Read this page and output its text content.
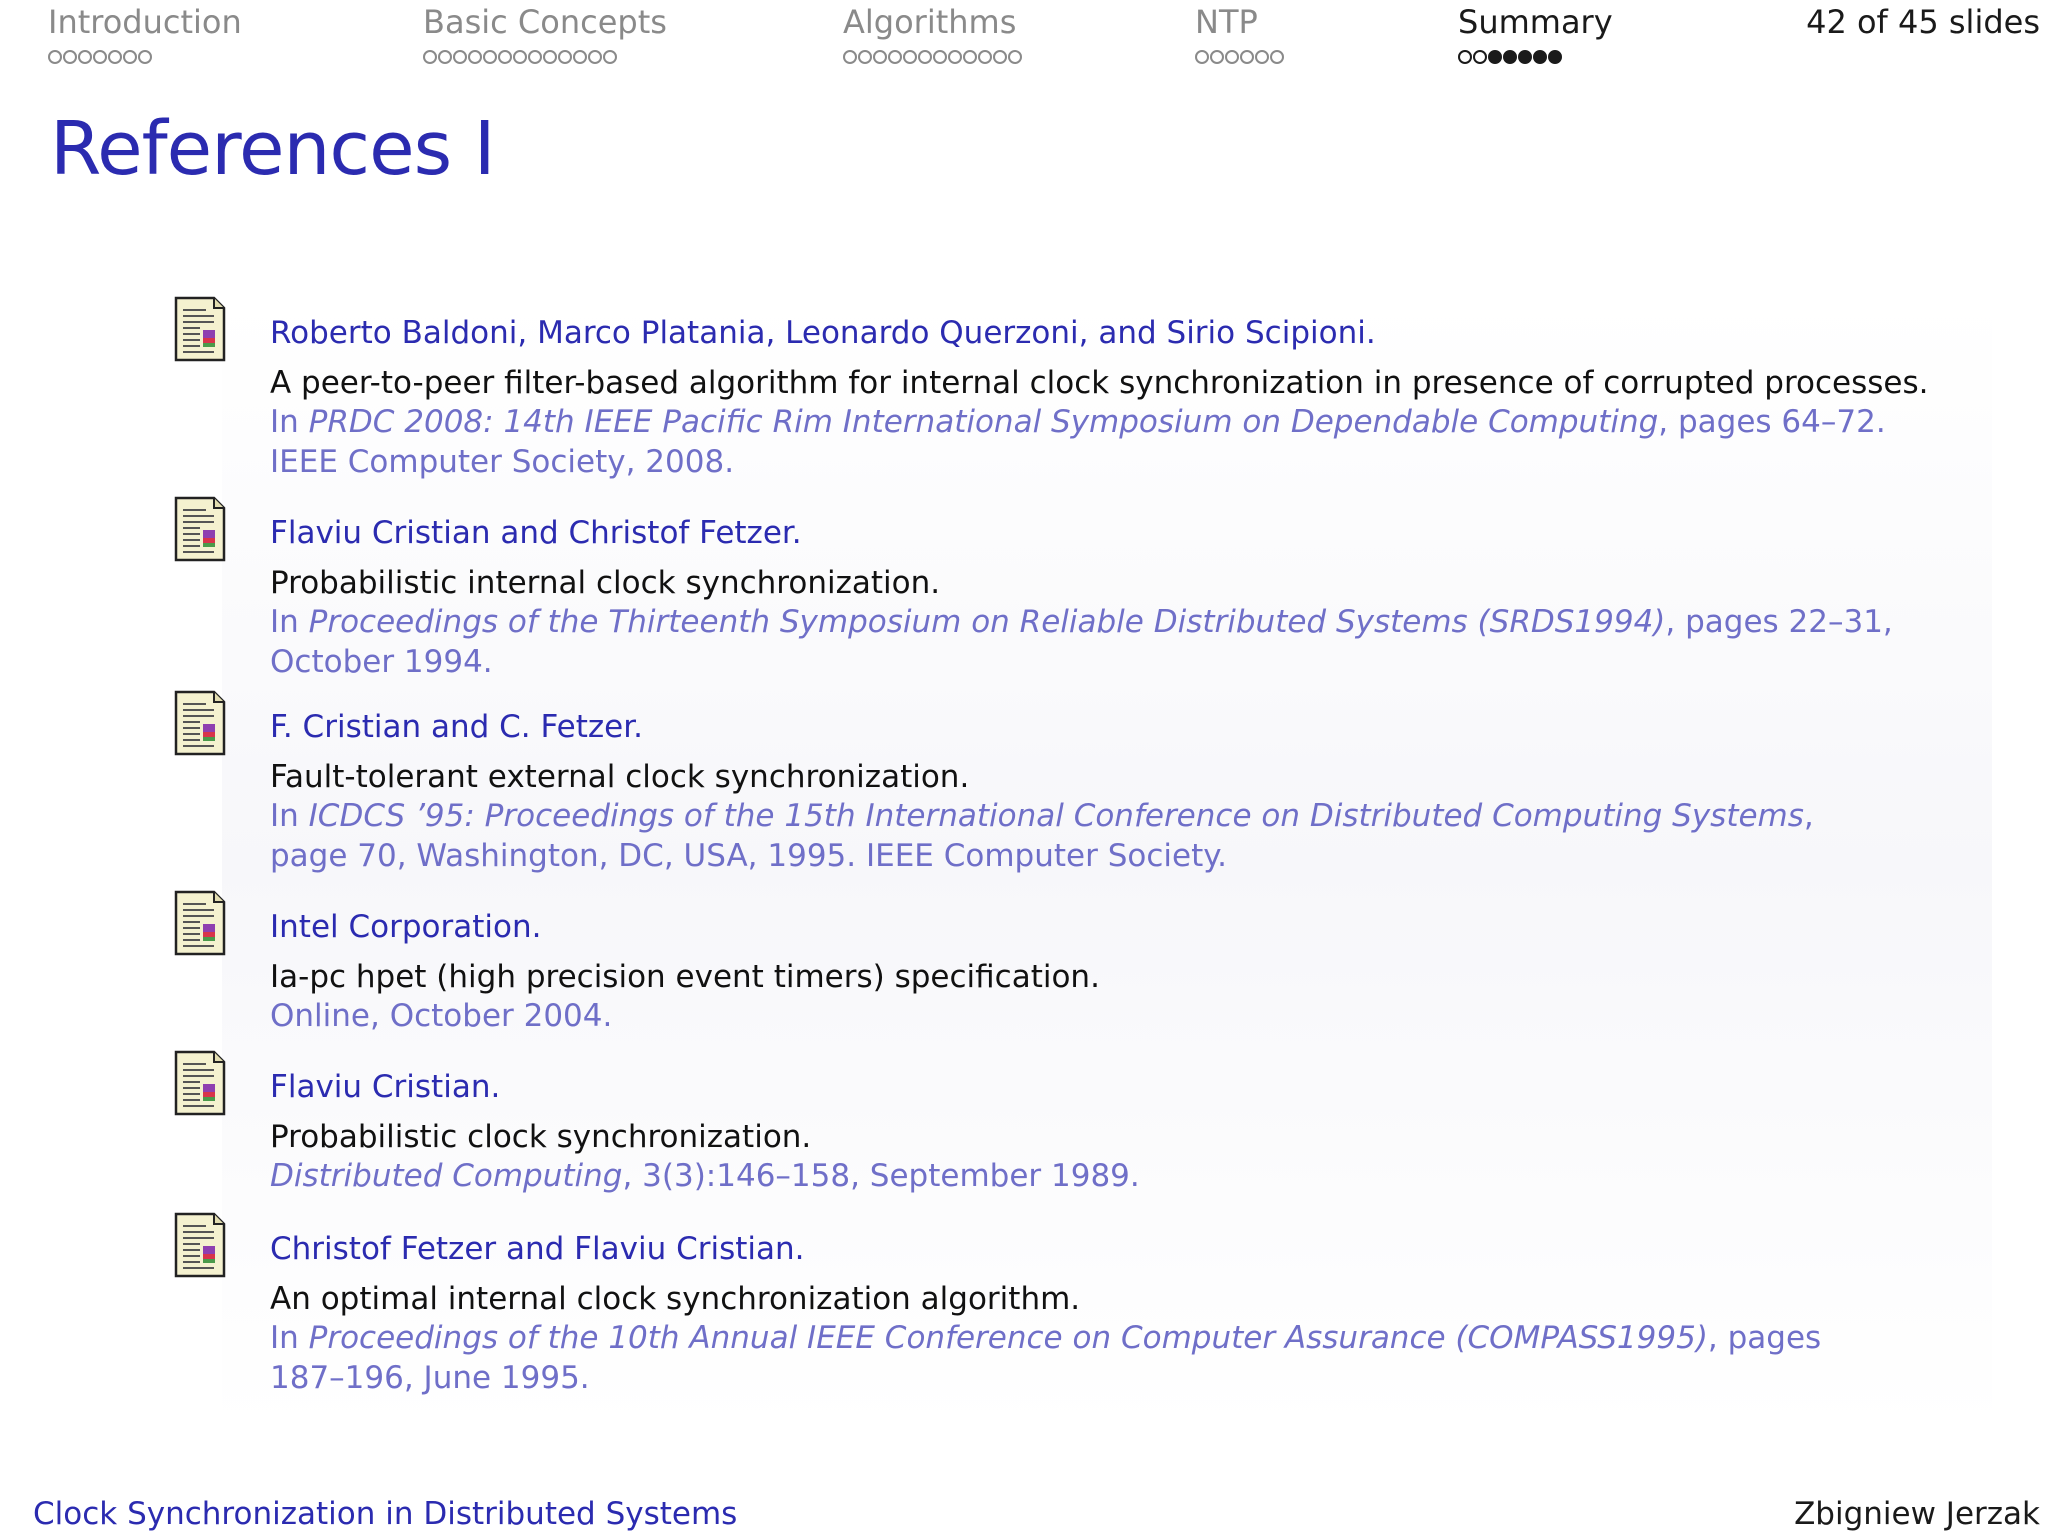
Introduction	Basic Concepts	Algorithms	NTP	Summary	42 of 45 slides
References I
Roberto Baldoni, Marco Platania, Leonardo Querzoni, and Sirio Scipioni.
A peer-to-peer filter-based algorithm for internal clock synchronization in presence of corrupted processes.
In PRDC 2008: 14th IEEE Pacific Rim International Symposium on Dependable Computing, pages 64–72.
IEEE Computer Society, 2008.
Flaviu Cristian and Christof Fetzer.
Probabilistic internal clock synchronization.
In Proceedings of the Thirteenth Symposium on Reliable Distributed Systems (SRDS1994), pages 22–31,
October 1994.
F. Cristian and C. Fetzer.
Fault-tolerant external clock synchronization.
In ICDCS ’95: Proceedings of the 15th International Conference on Distributed Computing Systems,
page 70, Washington, DC, USA, 1995. IEEE Computer Society.
Intel Corporation.
Ia-pc hpet (high precision event timers) specification.
Online, October 2004.
Flaviu Cristian.
Probabilistic clock synchronization.
Distributed Computing, 3(3):146–158, September 1989.
Christof Fetzer and Flaviu Cristian.
An optimal internal clock synchronization algorithm.
In Proceedings of the 10th Annual IEEE Conference on Computer Assurance (COMPASS1995), pages
187–196, June 1995.
Clock Synchronization in Distributed Systems	Zbigniew Jerzak
